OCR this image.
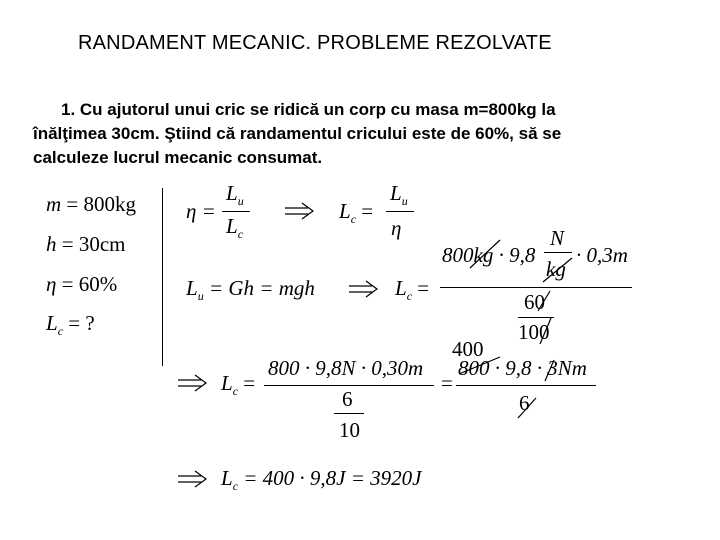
RANDAMENT MECANIC. PROBLEME REZOLVATE
1. Cu ajutorul unui cric se ridică un corp cu masa m=800kg la
înălţimea 30cm. Ştiind că randamentul cricului este de 60%, să se
calculeze lucrul mecanic consumat.
m = 800kg
h = 30cm
η = 60%
$L_c$ = ?
η =
$L_u$
$L_c$
$L_c$ =
$L_u$
η
$L_u = Gh$ = mgh	$L_c$ =
800kg · 9,8
N
kg
· 0,3m
60
100
$L_c$ =
800 · 9,8N · 0,30m
6
10
=
400
800 · 9,8 · 3Nm
6
$L_c = 400 \cdot 9,8J = 3920J$
